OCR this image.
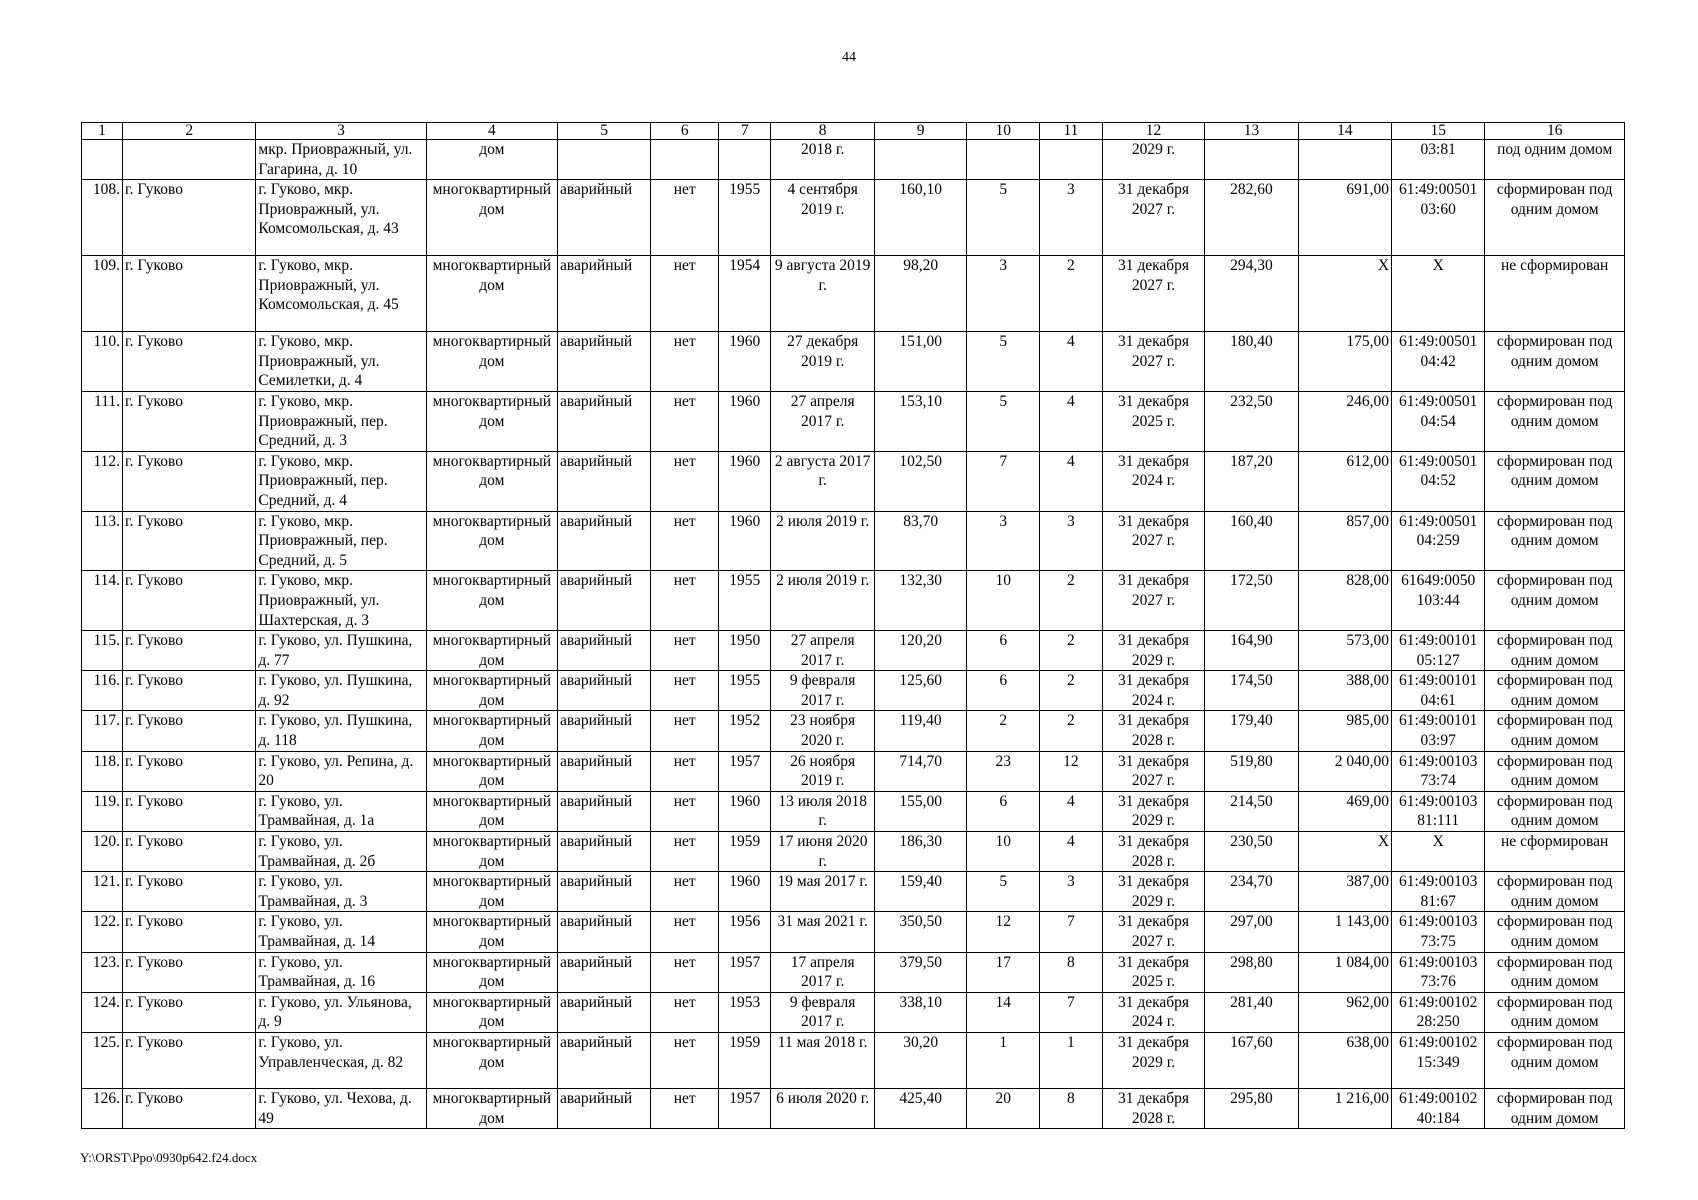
44
1	2	3	4	5	6	7	8	9	10	11	12	13	14	15	16
		мкр. Приовражный, ул. Гагарина, д. 10	дом				2018 г.				2029 г.			03:81	под одним домом
108.	г. Гуково	г. Гуково, мкр. Приовражный, ул. Комсомольская, д. 43	многоквартирный дом	аварийный	нет	1955	4 сентября 2019 г.	160,10	5	3	31 декабря 2027 г.	282,60	691,00	61:49:00501 03:60	сформирован под одним домом
109.	г. Гуково	г. Гуково, мкр. Приовражный, ул. Комсомольская, д. 45	многоквартирный дом	аварийный	нет	1954	9 августа 2019 г.	98,20	3	2	31 декабря 2027 г.	294,30	Х	Х	не сформирован
110.	г. Гуково	г. Гуково, мкр. Приовражный, ул. Семилетки, д. 4	многоквартирный дом	аварийный	нет	1960	27 декабря 2019 г.	151,00	5	4	31 декабря 2027 г.	180,40	175,00	61:49:00501 04:42	сформирован под одним домом
111.	г. Гуково	г. Гуково, мкр. Приовражный, пер. Средний, д. 3	многоквартирный дом	аварийный	нет	1960	27 апреля 2017 г.	153,10	5	4	31 декабря 2025 г.	232,50	246,00	61:49:00501 04:54	сформирован под одним домом
112.	г. Гуково	г. Гуково, мкр. Приовражный, пер. Средний, д. 4	многоквартирный дом	аварийный	нет	1960	2 августа 2017 г.	102,50	7	4	31 декабря 2024 г.	187,20	612,00	61:49:00501 04:52	сформирован под одним домом
113.	г. Гуково	г. Гуково, мкр. Приовражный, пер. Средний, д. 5	многоквартирный дом	аварийный	нет	1960	2 июля 2019 г.	83,70	3	3	31 декабря 2027 г.	160,40	857,00	61:49:00501 04:259	сформирован под одним домом
114.	г. Гуково	г. Гуково, мкр. Приовражный, ул. Шахтерская, д. 3	многоквартирный дом	аварийный	нет	1955	2 июля 2019 г.	132,30	10	2	31 декабря 2027 г.	172,50	828,00	61649:0050 103:44	сформирован под одним домом
115.	г. Гуково	г. Гуково, ул. Пушкина, д. 77	многоквартирный дом	аварийный	нет	1950	27 апреля 2017 г.	120,20	6	2	31 декабря 2029 г.	164,90	573,00	61:49:00101 05:127	сформирован под одним домом
116.	г. Гуково	г. Гуково, ул. Пушкина, д. 92	многоквартирный дом	аварийный	нет	1955	9 февраля 2017 г.	125,60	6	2	31 декабря 2024 г.	174,50	388,00	61:49:00101 04:61	сформирован под одним домом
117.	г. Гуково	г. Гуково, ул. Пушкина, д. 118	многоквартирный дом	аварийный	нет	1952	23 ноября 2020 г.	119,40	2	2	31 декабря 2028 г.	179,40	985,00	61:49:00101 03:97	сформирован под одним домом
118.	г. Гуково	г. Гуково, ул. Репина, д. 20	многоквартирный дом	аварийный	нет	1957	26 ноября 2019 г.	714,70	23	12	31 декабря 2027 г.	519,80	2 040,00	61:49:00103 73:74	сформирован под одним домом
119.	г. Гуково	г. Гуково, ул. Трамвайная, д. 1а	многоквартирный дом	аварийный	нет	1960	13 июля 2018 г.	155,00	6	4	31 декабря 2029 г.	214,50	469,00	61:49:00103 81:111	сформирован под одним домом
120.	г. Гуково	г. Гуково, ул. Трамвайная, д. 2б	многоквартирный дом	аварийный	нет	1959	17 июня 2020 г.	186,30	10	4	31 декабря 2028 г.	230,50	Х	Х	не сформирован
121.	г. Гуково	г. Гуково, ул. Трамвайная, д. 3	многоквартирный дом	аварийный	нет	1960	19 мая 2017 г.	159,40	5	3	31 декабря 2029 г.	234,70	387,00	61:49:00103 81:67	сформирован под одним домом
122.	г. Гуково	г. Гуково, ул. Трамвайная, д. 14	многоквартирный дом	аварийный	нет	1956	31 мая 2021 г.	350,50	12	7	31 декабря 2027 г.	297,00	1 143,00	61:49:00103 73:75	сформирован под одним домом
123.	г. Гуково	г. Гуково, ул. Трамвайная, д. 16	многоквартирный дом	аварийный	нет	1957	17 апреля 2017 г.	379,50	17	8	31 декабря 2025 г.	298,80	1 084,00	61:49:00103 73:76	сформирован под одним домом
124.	г. Гуково	г. Гуково, ул. Ульянова, д. 9	многоквартирный дом	аварийный	нет	1953	9 февраля 2017 г.	338,10	14	7	31 декабря 2024 г.	281,40	962,00	61:49:00102 28:250	сформирован под одним домом
125.	г. Гуково	г. Гуково, ул. Управленческая, д. 82	многоквартирный дом	аварийный	нет	1959	11 мая 2018 г.	30,20	1	1	31 декабря 2029 г.	167,60	638,00	61:49:00102 15:349	сформирован под одним домом
126.	г. Гуково	г. Гуково, ул. Чехова, д. 49	многоквартирный дом	аварийный	нет	1957	6 июля 2020 г.	425,40	20	8	31 декабря 2028 г.	295,80	1 216,00	61:49:00102 40:184	сформирован под одним домом
Y:\ORST\Ppo\0930p642.f24.docx
